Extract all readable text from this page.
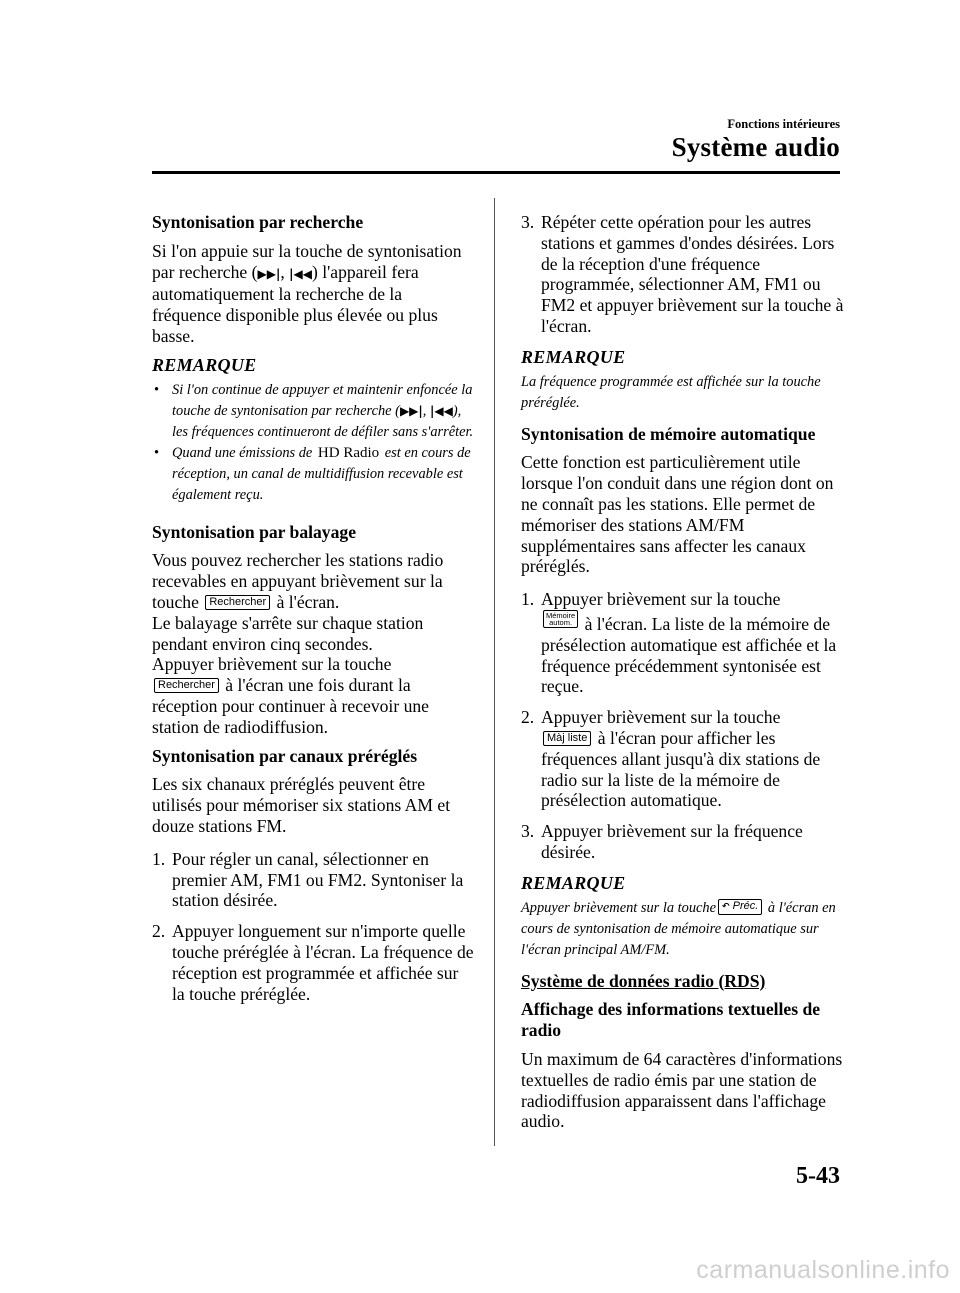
Fonctions intérieures
Système audio
Syntonisation par recherche
Si l'on appuie sur la touche de syntonisation par recherche (▶▶|, |◀◀) l'appareil fera automatiquement la recherche de la fréquence disponible plus élevée ou plus basse.
REMARQUE
• Si l'on continue de appuyer et maintenir enfoncée la touche de syntonisation par recherche (▶▶|, |◀◀), les fréquences continueront de défiler sans s'arrêter.
• Quand une émissions de HD Radio est en cours de réception, un canal de multidiffusion recevable est également reçu.
Syntonisation par balayage
Vous pouvez rechercher les stations radio recevables en appuyant brièvement sur la touche Rechercher à l'écran.
Le balayage s'arrête sur chaque station pendant environ cinq secondes.
Appuyer brièvement sur la touche
Rechercher à l'écran une fois durant la réception pour continuer à recevoir une station de radiodiffusion.
Syntonisation par canaux préréglés
Les six chanaux préréglés peuvent être utilisés pour mémoriser six stations AM et douze stations FM.
1. Pour régler un canal, sélectionner en premier AM, FM1 ou FM2. Syntoniser la station désirée.
2. Appuyer longuement sur n'importe quelle touche préréglée à l'écran. La fréquence de réception est programmée et affichée sur la touche préréglée.
3. Répéter cette opération pour les autres stations et gammes d'ondes désirées. Lors de la réception d'une fréquence programmée, sélectionner AM, FM1 ou FM2 et appuyer brièvement sur la touche à l'écran.
REMARQUE
La fréquence programmée est affichée sur la touche préréglée.
Syntonisation de mémoire automatique
Cette fonction est particulièrement utile lorsque l'on conduit dans une région dont on ne connaît pas les stations. Elle permet de mémoriser des stations AM/FM supplémentaires sans affecter les canaux préréglés.
1. Appuyer brièvement sur la touche
Mémoire
autom. à l'écran. La liste de la mémoire de présélection automatique est affichée et la fréquence précédemment syntonisée est reçue.
2. Appuyer brièvement sur la touche
Màj liste à l'écran pour afficher les fréquences allant jusqu'à dix stations de radio sur la liste de la mémoire de présélection automatique.
3. Appuyer brièvement sur la fréquence désirée.
REMARQUE
Appuyer brièvement sur la touche ↶ Préc. à l'écran en cours de syntonisation de mémoire automatique sur l'écran principal AM/FM.
Système de données radio (RDS)
Affichage des informations textuelles de radio
Un maximum de 64 caractères d'informations textuelles de radio émis par une station de radiodiffusion apparaissent dans l'affichage audio.
5-43
carmanualsonline.info
